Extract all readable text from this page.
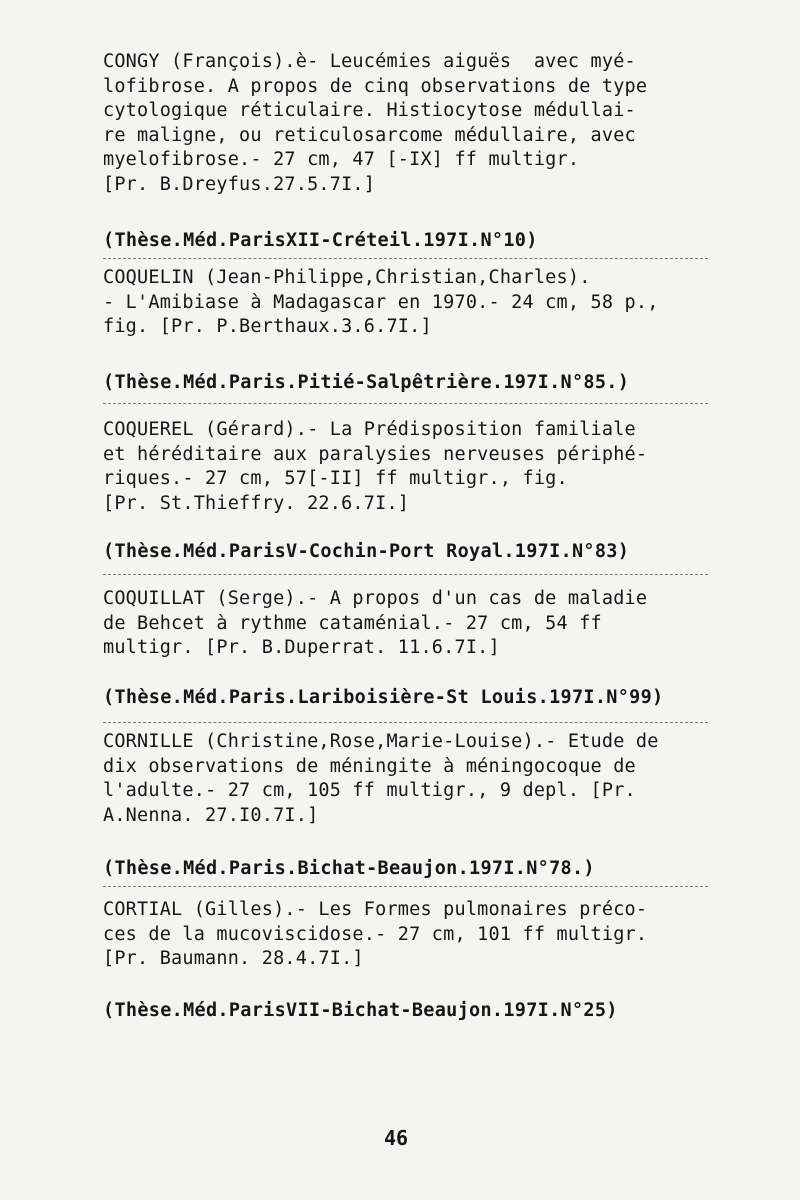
CONGY (François).è- Leucémies aiguës  avec myé-
lofibrose. A propos de cinq observations de type
cytologique réticulaire. Histiocytose médullai-
re maligne, ou reticulosarcome médullaire, avec
myelofibrose.- 27 cm, 47 [-IX] ff multigr.
[Pr. B.Dreyfus.27.5.7I.]
(Thèse.Méd.ParisXII-Créteil.197I.N°10)
COQUELIN (Jean-Philippe,Christian,Charles).
- L'Amibiase à Madagascar en 1970.- 24 cm, 58 p.,
fig. [Pr. P.Berthaux.3.6.7I.]
(Thèse.Méd.Paris.Pitié-Salpêtrière.197I.N°85.)
COQUEREL (Gérard).- La Prédisposition familiale
et héréditaire aux paralysies nerveuses périphé-
riques.- 27 cm, 57[-II] ff multigr., fig.
[Pr. St.Thieffry. 22.6.7I.]
(Thèse.Méd.ParisV-Cochin-Port Royal.197I.N°83)
COQUILLAT (Serge).- A propos d'un cas de maladie
de Behcet à rythme cataménial.- 27 cm, 54 ff
multigr. [Pr. B.Duperrat. 11.6.7I.]
(Thèse.Méd.Paris.Lariboisière-St Louis.197I.N°99)
CORNILLE (Christine,Rose,Marie-Louise).- Etude de
dix observations de méningite à méningocoque de
l'adulte.- 27 cm, 105 ff multigr., 9 depl. [Pr.
A.Nenna. 27.I0.7I.]
(Thèse.Méd.Paris.Bichat-Beaujon.197I.N°78.)
CORTIAL (Gilles).- Les Formes pulmonaires préco-
ces de la mucoviscidose.- 27 cm, 101 ff multigr.
[Pr. Baumann. 28.4.7I.]
(Thèse.Méd.ParisVII-Bichat-Beaujon.197I.N°25)
46
